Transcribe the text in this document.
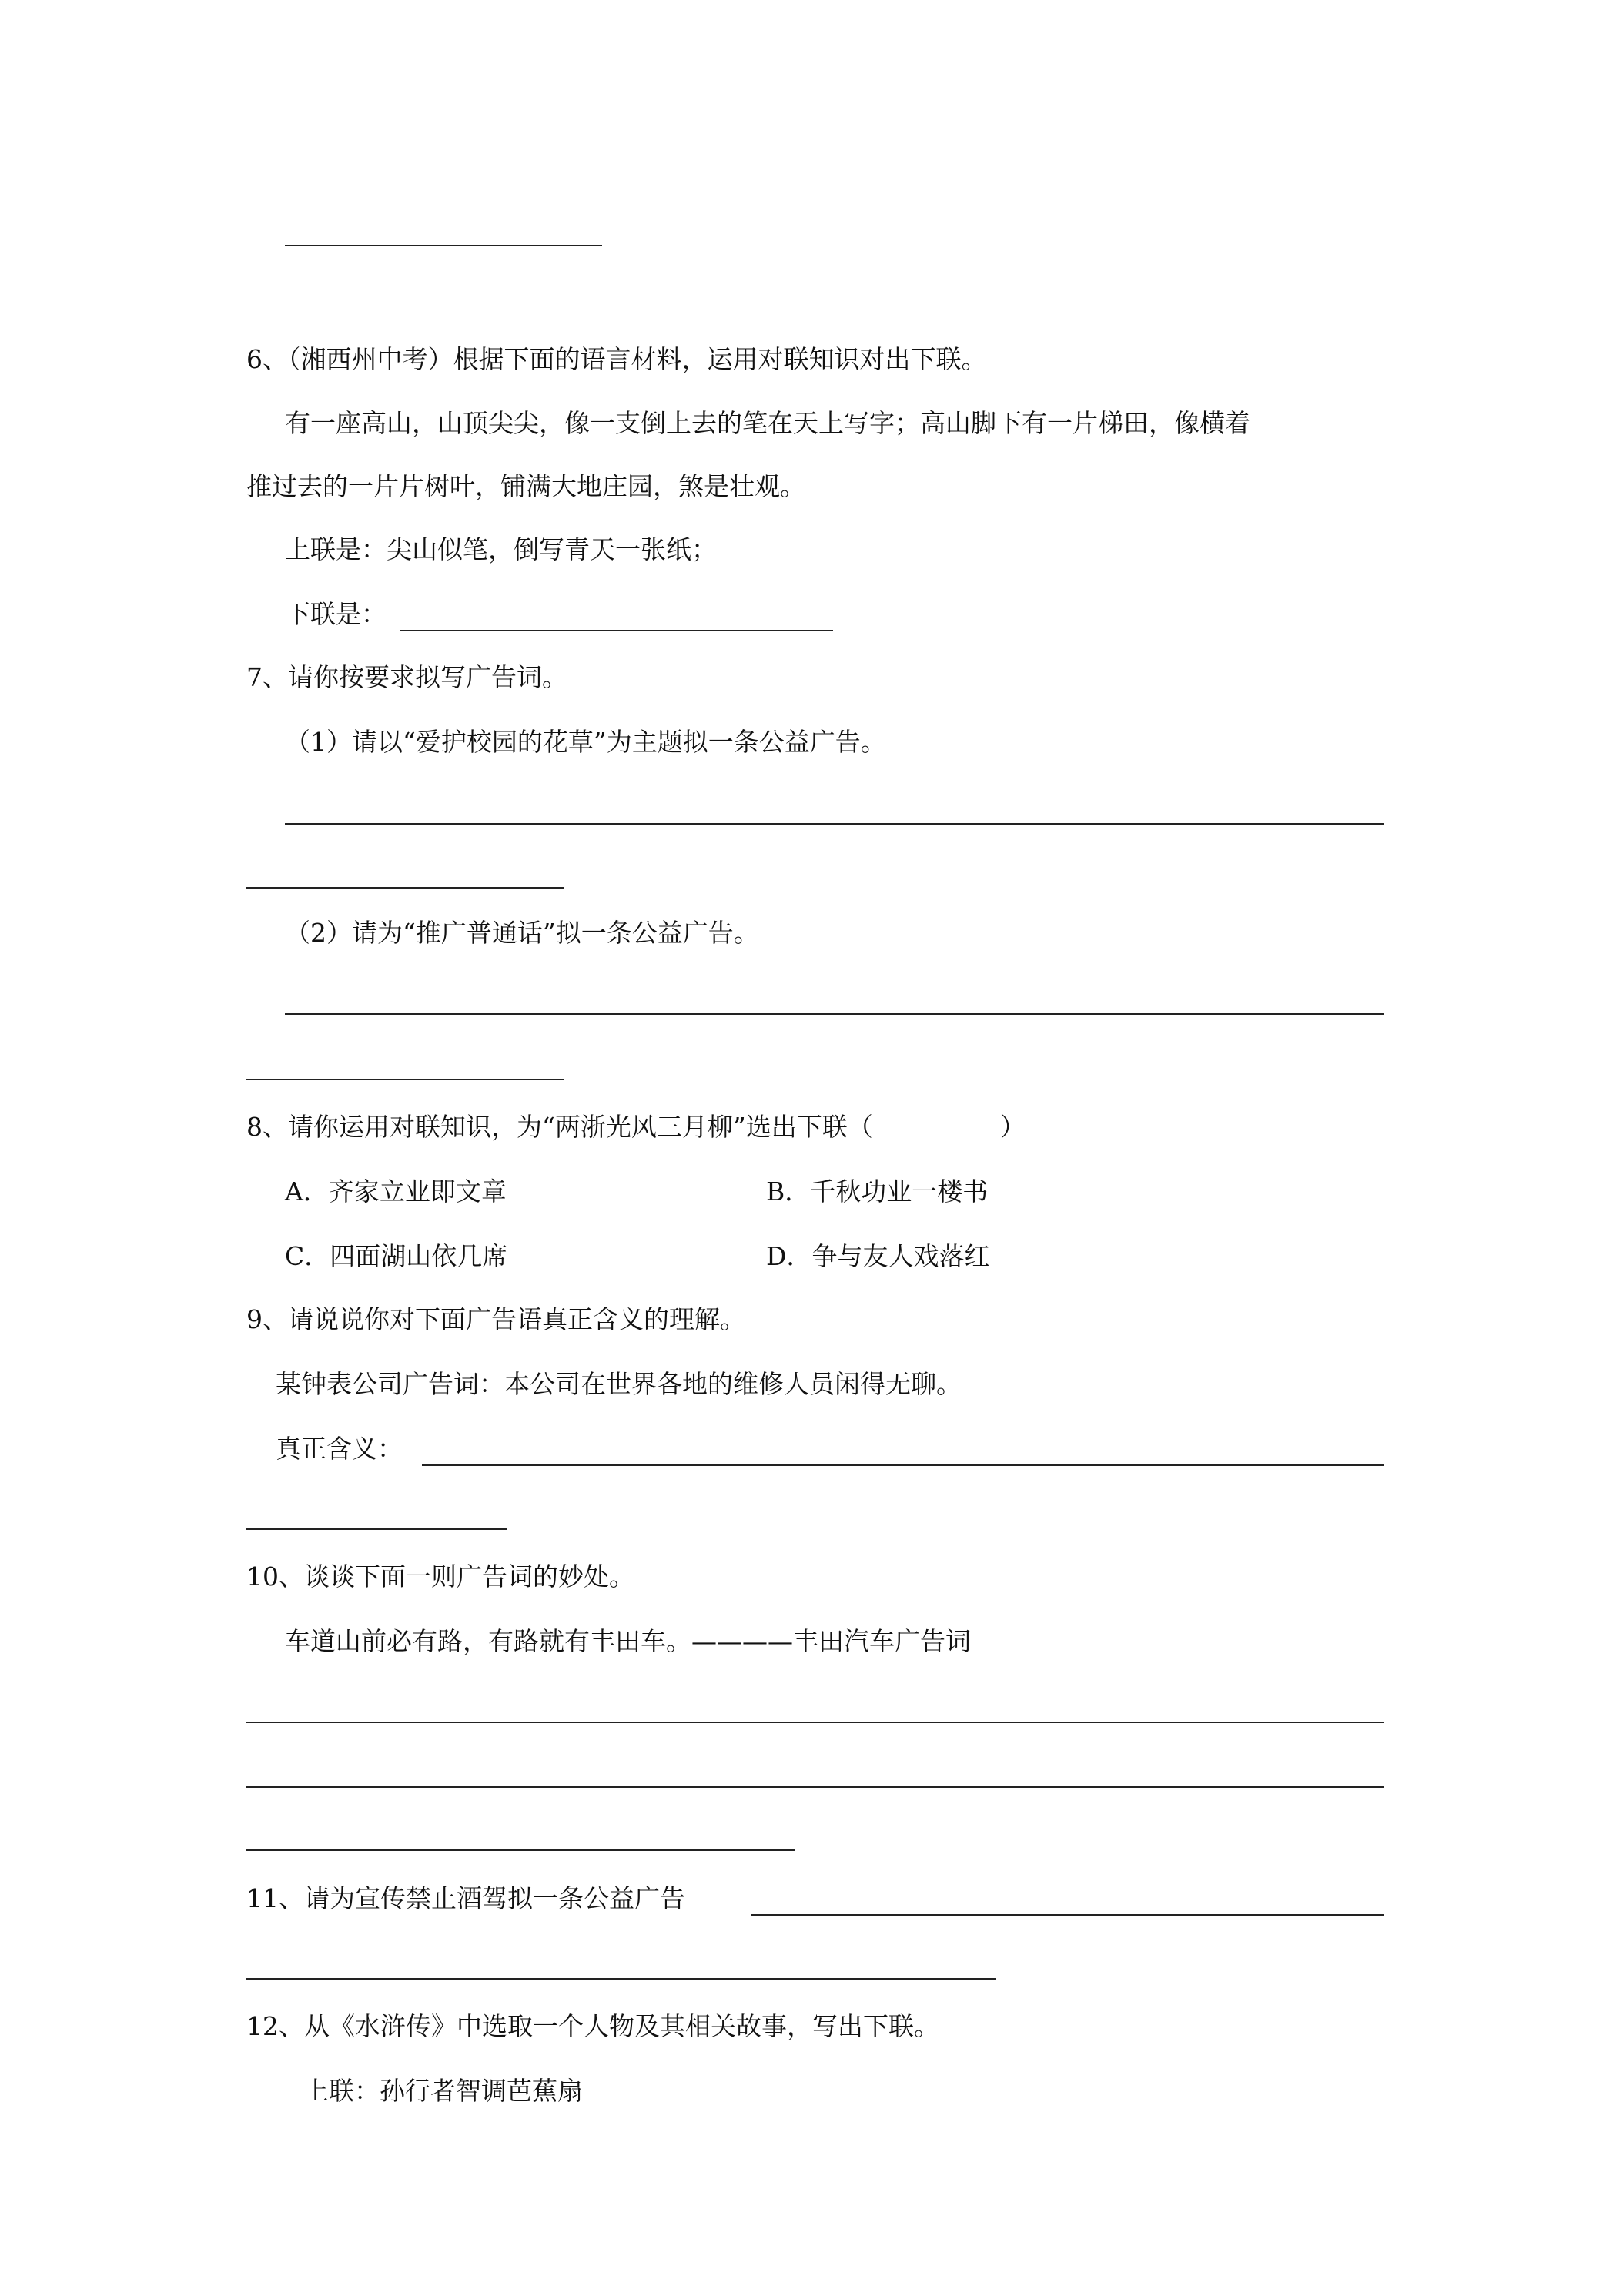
6、（湘西州中考）根据下面的语言材料，运用对联知识对出下联。
有一座高山，山顶尖尖，像一支倒上去的笔在天上写字；高山脚下有一片梯田，像横着
推过去的一片片树叶，铺满大地庄园，煞是壮观。
上联是：尖山似笔，倒写青天一张纸；
下联是：
7、请你按要求拟写广告词。
（1）请以“爱护校园的花草”为主题拟一条公益广告。
（2）请为“推广普通话”拟一条公益广告。
8、请你运用对联知识，为“两浙光风三月柳”选出下联（　　　　　）
A．齐家立业即文章	B．千秋功业一楼书
C．四面湖山依几席	D．争与友人戏落红
9、请说说你对下面广告语真正含义的理解。
某钟表公司广告词：本公司在世界各地的维修人员闲得无聊。
真正含义：
10、谈谈下面一则广告词的妙处。
车道山前必有路，有路就有丰田车。————丰田汽车广告词
11、请为宣传禁止酒驾拟一条公益广告
12、从《水浒传》中选取一个人物及其相关故事，写出下联。
上联：孙行者智调芭蕉扇
